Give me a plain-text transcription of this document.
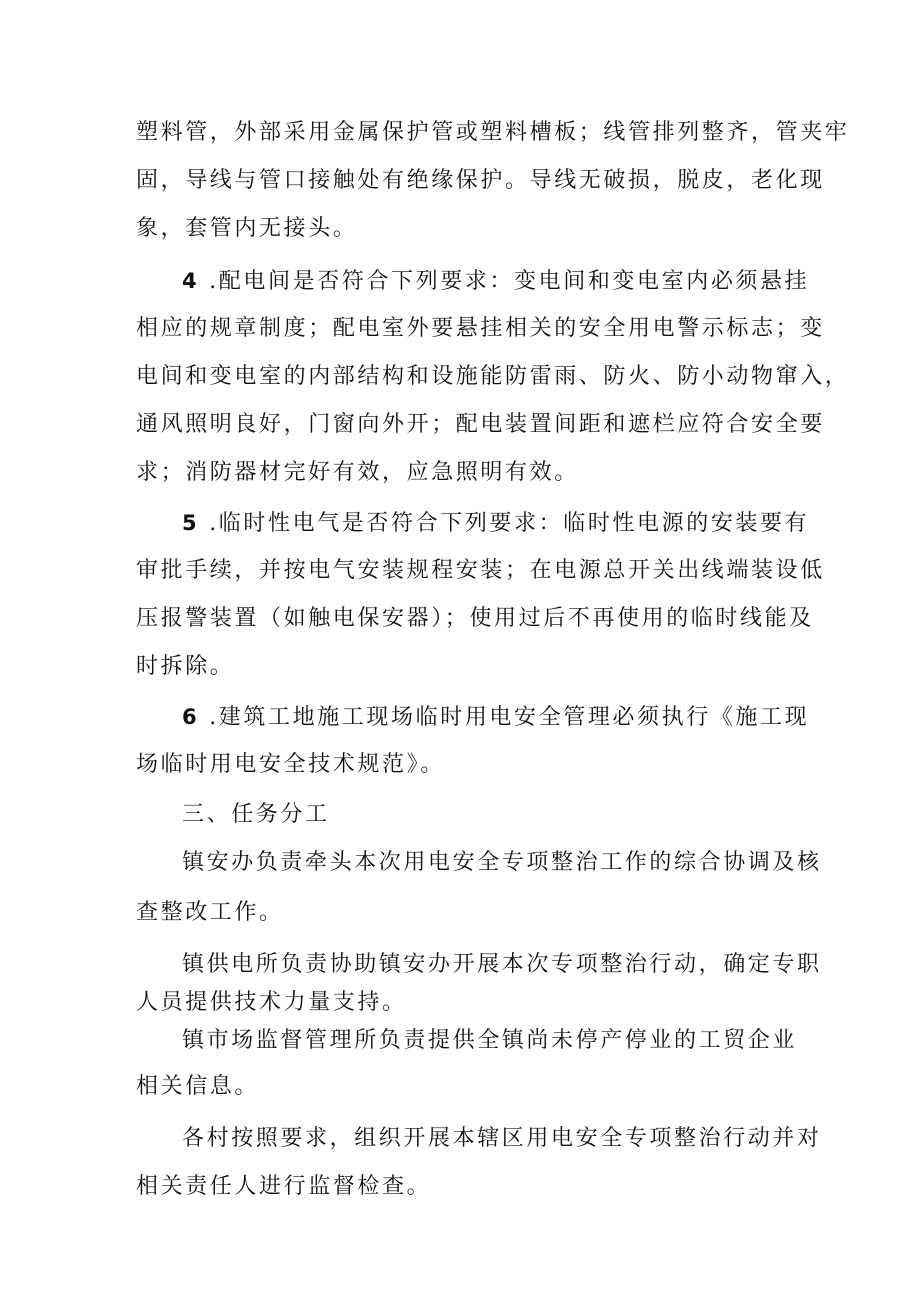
塑料管，外部采用金属保护管或塑料槽板；线管排列整齐，管夹牢
固，导线与管口接触处有绝缘保护。导线无破损，脱皮，老化现
象，套管内无接头。
4 .配电间是否符合下列要求：变电间和变电室内必须悬挂
相应的规章制度；配电室外要悬挂相关的安全用电警示标志；变
电间和变电室的内部结构和设施能防雷雨、防火、防小动物窜入，
通风照明良好，门窗向外开；配电装置间距和遮栏应符合安全要
求；消防器材完好有效，应急照明有效。
5 .临时性电气是否符合下列要求：临时性电源的安装要有
审批手续，并按电气安装规程安装；在电源总开关出线端装设低
压报警装置（如触电保安器）；使用过后不再使用的临时线能及
时拆除。
6 .建筑工地施工现场临时用电安全管理必须执行《施工现
场临时用电安全技术规范》。
三、任务分工
镇安办负责牵头本次用电安全专项整治工作的综合协调及核
查整改工作。
镇供电所负责协助镇安办开展本次专项整治行动，确定专职
人员提供技术力量支持。
镇市场监督管理所负责提供全镇尚未停产停业的工贸企业
相关信息。
各村按照要求，组织开展本辖区用电安全专项整治行动并对
相关责任人进行监督检查。
